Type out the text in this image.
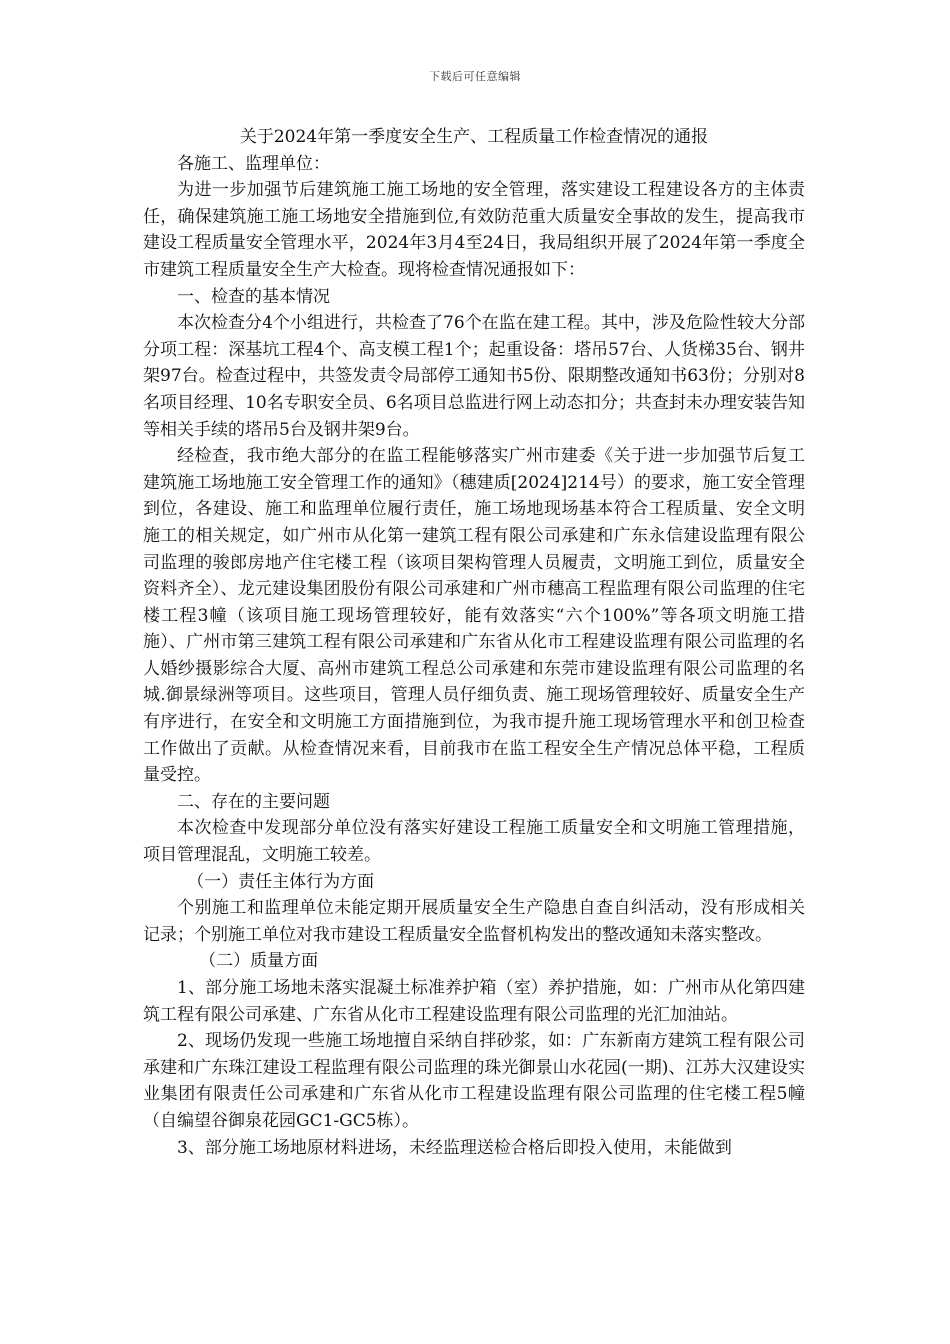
下载后可任意编辑

关于2024年第一季度安全生产、工程质量工作检查情况的通报

各施工、监理单位：

为进一步加强节后建筑施工施工场地的安全管理，落实建设工程建设各方的主体责任，确保建筑施工施工场地安全措施到位,有效防范重大质量安全事故的发生，提高我市建设工程质量安全管理水平，2024年3月4至24日，我局组织开展了2024年第一季度全市建筑工程质量安全生产大检查。现将检查情况通报如下：

一、检查的基本情况

本次检查分4个小组进行，共检查了76个在监在建工程。其中，涉及危险性较大分部分项工程：深基坑工程4个、高支模工程1个；起重设备：塔吊57台、人货梯35台、钢井架97台。检查过程中，共签发责令局部停工通知书5份、限期整改通知书63份；分别对8名项目经理、10名专职安全员、6名项目总监进行网上动态扣分；共查封未办理安装告知等相关手续的塔吊5台及钢井架9台。

经检查，我市绝大部分的在监工程能够落实广州市建委《关于进一步加强节后复工建筑施工场地施工安全管理工作的通知》（穗建质[2024]214号）的要求，施工安全管理到位，各建设、施工和监理单位履行责任，施工场地现场基本符合工程质量、安全文明施工的相关规定，如广州市从化第一建筑工程有限公司承建和广东永信建设监理有限公司监理的骏郎房地产住宅楼工程（该项目架构管理人员履责，文明施工到位，质量安全资料齐全）、龙元建设集团股份有限公司承建和广州市穗高工程监理有限公司监理的住宅楼工程3幢（该项目施工现场管理较好，能有效落实“六个100%”等各项文明施工措施）、广州市第三建筑工程有限公司承建和广东省从化市工程建设监理有限公司监理的名人婚纱摄影综合大厦、高州市建筑工程总公司承建和东莞市建设监理有限公司监理的名城.御景绿洲等项目。这些项目，管理人员仔细负责、施工现场管理较好、质量安全生产有序进行，在安全和文明施工方面措施到位，为我市提升施工现场管理水平和创卫检查工作做出了贡献。从检查情况来看，目前我市在监工程安全生产情况总体平稳，工程质量受控。

二、存在的主要问题

本次检查中发现部分单位没有落实好建设工程施工质量安全和文明施工管理措施，项目管理混乱，文明施工较差。

（一）责任主体行为方面

个别施工和监理单位未能定期开展质量安全生产隐患自查自纠活动，没有形成相关记录；个别施工单位对我市建设工程质量安全监督机构发出的整改通知未落实整改。

（二）质量方面

1、部分施工场地未落实混凝土标准养护箱（室）养护措施，如：广州市从化第四建筑工程有限公司承建、广东省从化市工程建设监理有限公司监理的光汇加油站。

2、现场仍发现一些施工场地擅自采纳自拌砂浆，如：广东新南方建筑工程有限公司承建和广东珠江建设工程监理有限公司监理的珠光御景山水花园(一期)、江苏大汉建设实业集团有限责任公司承建和广东省从化市工程建设监理有限公司监理的住宅楼工程5幢（自编望谷御泉花园GC1-GC5栋）。

3、部分施工场地原材料进场，未经监理送检合格后即投入使用，未能做到
